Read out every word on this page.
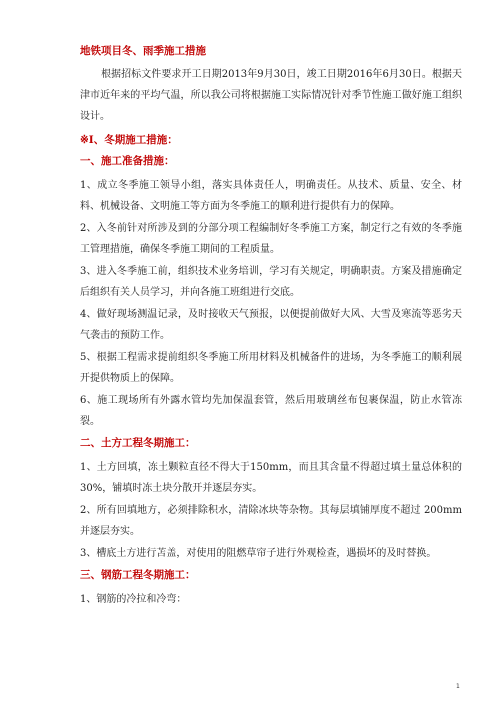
地铁项目冬、雨季施工措施

根据招标文件要求开工日期2013年9月30日，竣工日期2016年6月30日。根据天津市近年来的平均气温，所以我公司将根据施工实际情况针对季节性施工做好施工组织设计。

※Ⅰ、冬期施工措施：
一、施工准备措施：

1、成立冬季施工领导小组，落实具体责任人，明确责任。从技术、质量、安全、材料、机械设备、文明施工等方面为冬季施工的顺利进行提供有力的保障。

2、入冬前针对所涉及到的分部分项工程编制好冬季施工方案，制定行之有效的冬季施工管理措施，确保冬季施工期间的工程质量。

3、进入冬季施工前，组织技术业务培训，学习有关规定，明确职责。方案及措施确定后组织有关人员学习，并向各施工班组进行交底。

4、做好现场测温记录，及时接收天气预报，以便提前做好大风、大雪及寒流等恶劣天气袭击的预防工作。

5、根据工程需求提前组织冬季施工所用材料及机械备件的进场，为冬季施工的顺利展开提供物质上的保障。

6、施工现场所有外露水管均先加保温套管，然后用玻璃丝布包裹保温，防止水管冻裂。

二、土方工程冬期施工：

1、土方回填，冻土颗粒直径不得大于150mm，而且其含量不得超过填土量总体积的30%，铺填时冻土块分散开并逐层夯实。

2、所有回填地方，必须排除积水，清除冰块等杂物。其每层填铺厚度不超过 200mm 并逐层夯实。

3、槽底土方进行苫盖，对使用的阻燃草帘子进行外观检查，遇损坏的及时替换。

三、钢筋工程冬期施工：

1、钢筋的冷拉和冷弯：

1
